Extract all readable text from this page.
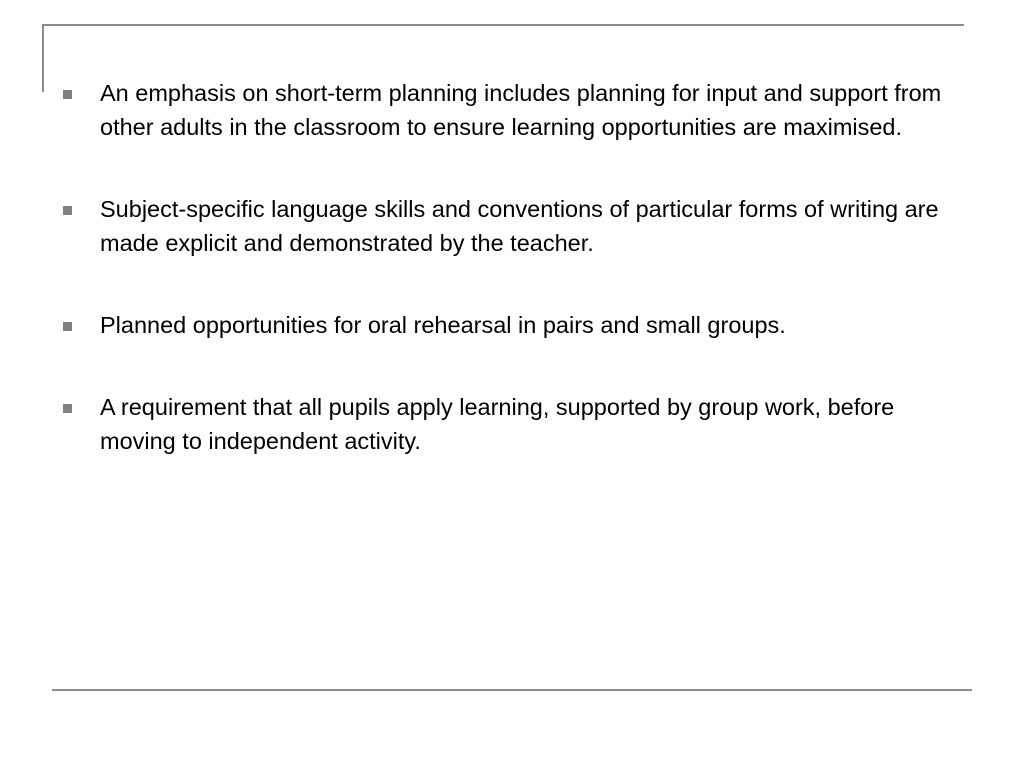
An emphasis on short-term planning includes planning for input and support from other adults in the classroom to ensure learning opportunities are maximised.
Subject-specific language skills and conventions of particular forms of writing are made explicit and demonstrated by the teacher.
Planned opportunities for oral rehearsal in pairs and small groups.
A requirement that all pupils apply learning, supported by group work, before moving to independent activity.
